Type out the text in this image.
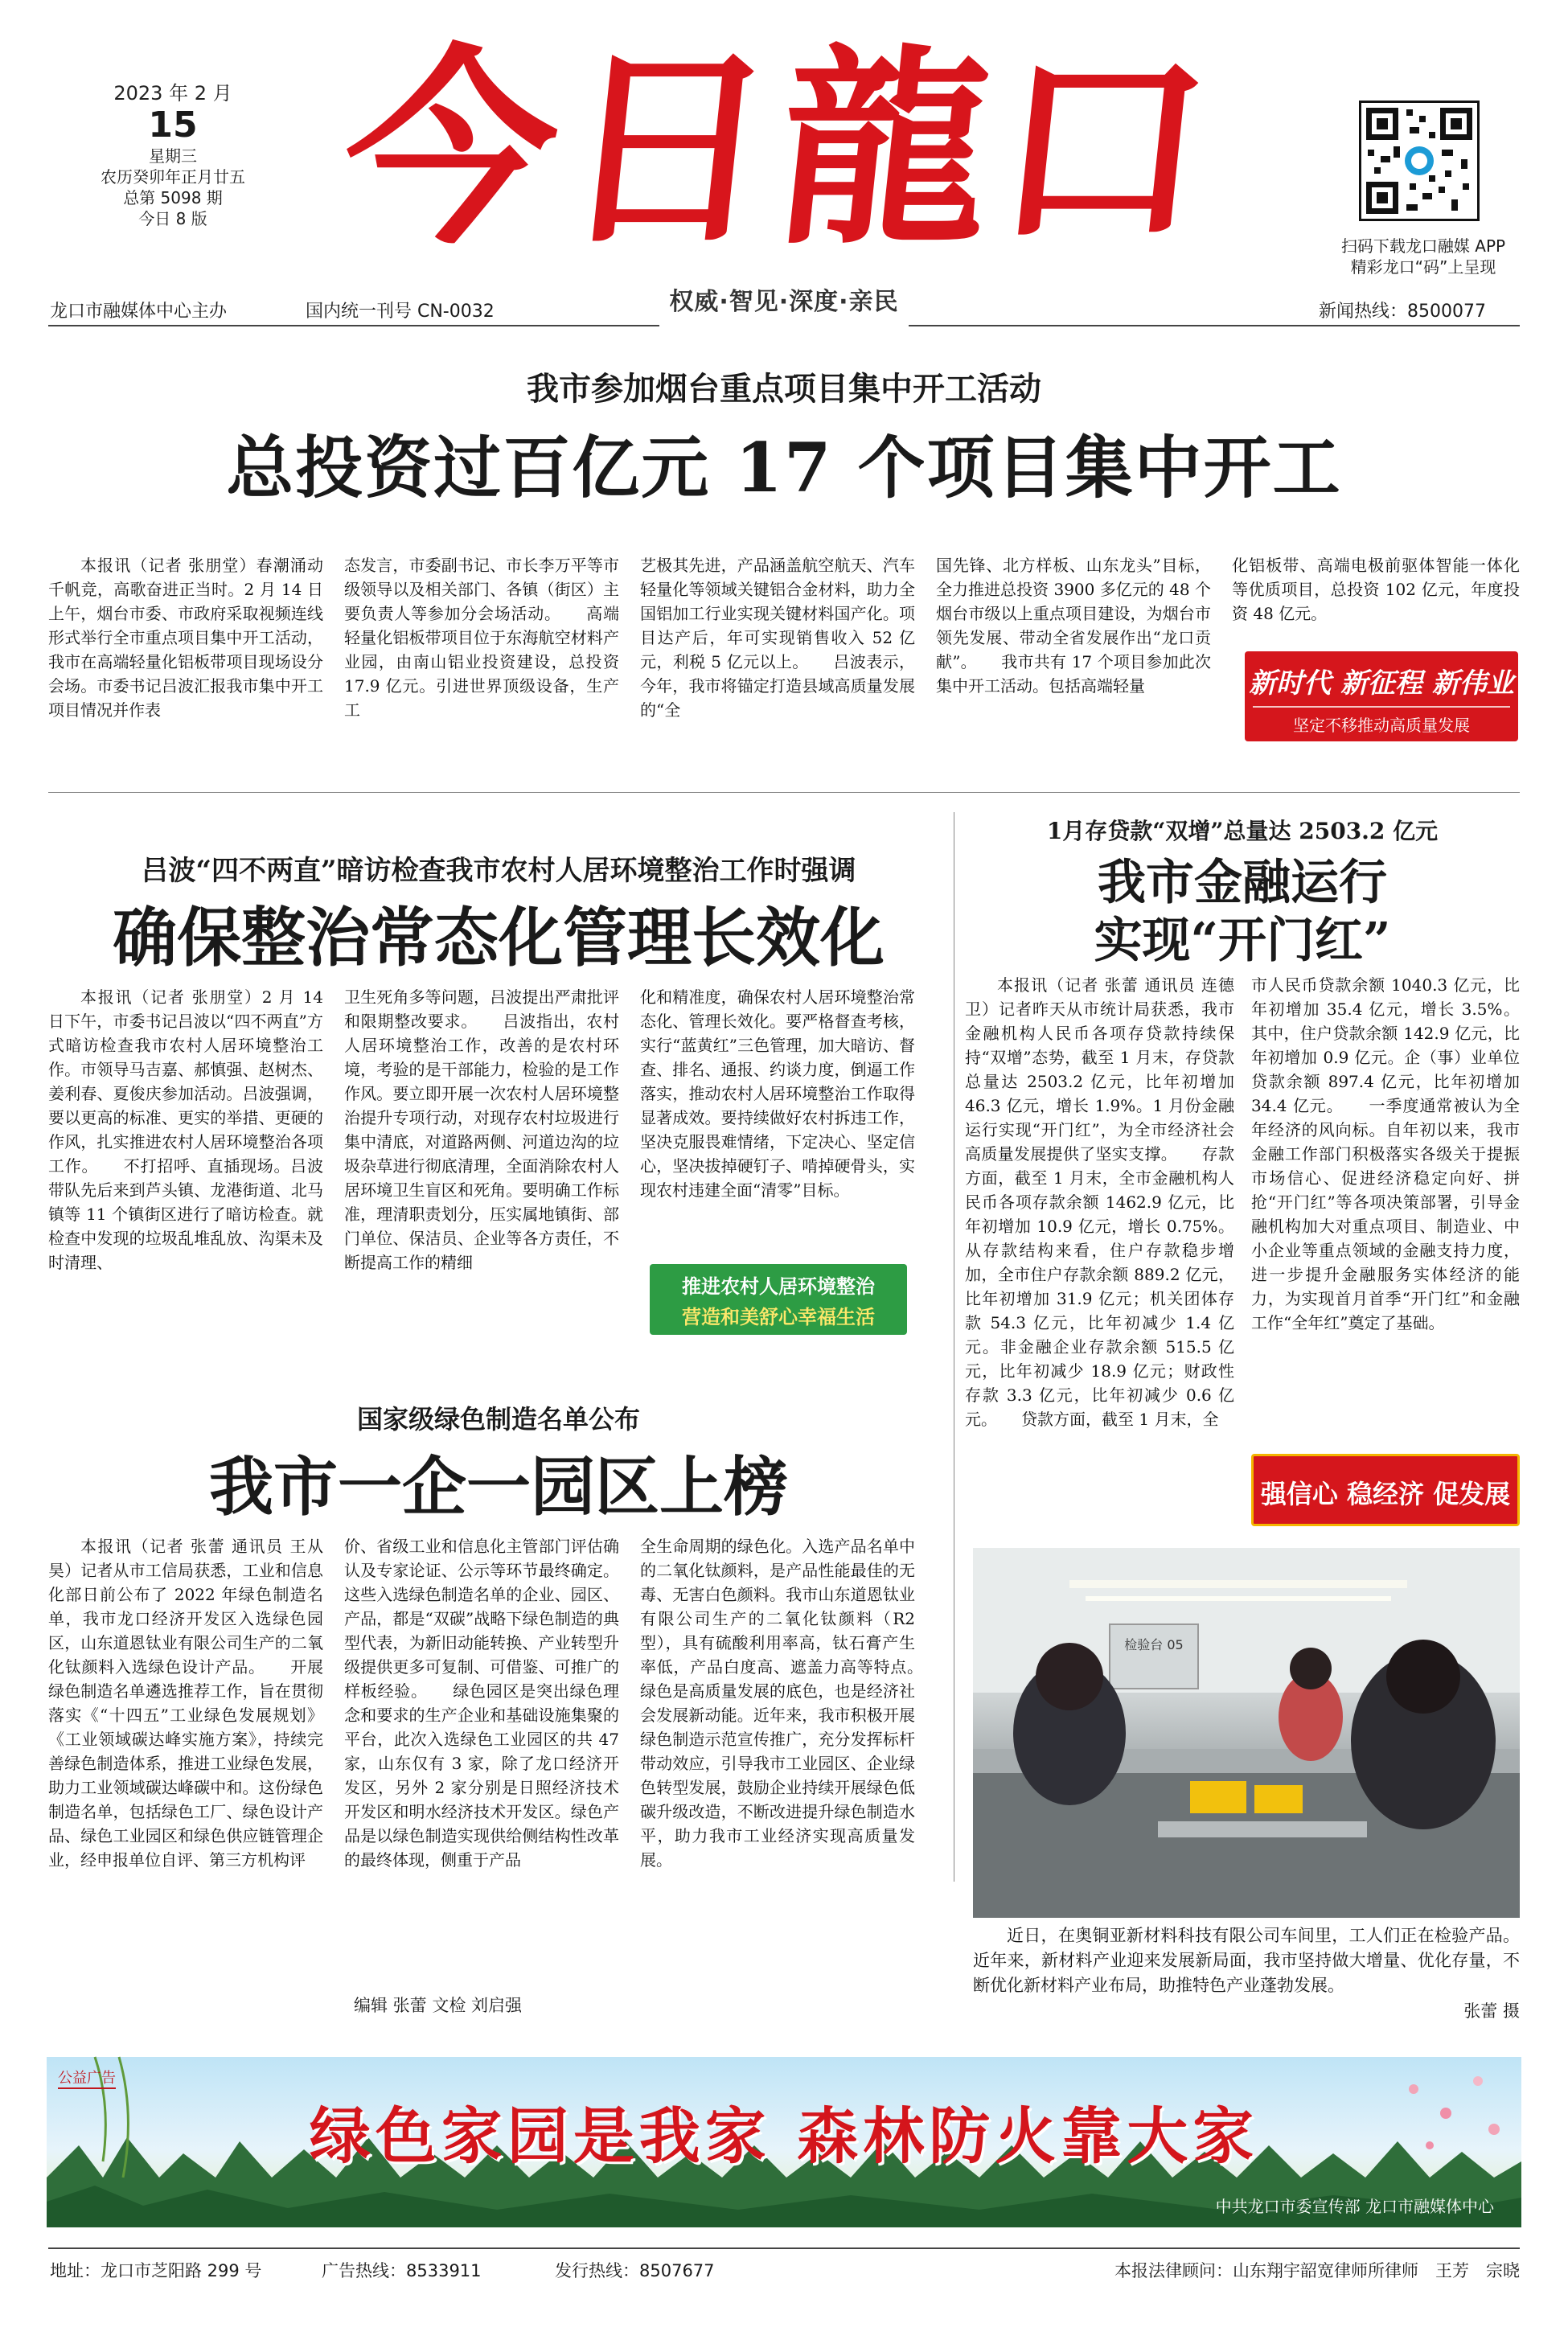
2023 年 2 月
15
星期三
农历癸卯年正月廿五
总第 5098 期
今日 8 版 今日龍口	扫码下载龙口融媒 APP
精彩龙口“码”上呈现
龙口市融媒体中心主办	国内统一刊号 CN-0032	权威·智见·深度·亲民	新闻热线：8500077
我市参加烟台重点项目集中开工活动
总投资过百亿元 17 个项目集中开工

本报讯（记者 张朋堂）春潮涌动千帆竞，高歌奋进正当时。2 月 14 日上午，烟台市委、市政府采取视频连线形式举行全市重点项目集中开工活动，我市在高端轻量化铝板带项目现场设分会场。市委书记吕波汇报我市集中开工项目情况并作表

态发言，市委副书记、市长李万平等市级领导以及相关部门、各镇（街区）主要负责人等参加分会场活动。　　高端轻量化铝板带项目位于东海航空材料产业园，由南山铝业投资建设，总投资 17.9 亿元。引进世界顶级设备，生产工

艺极其先进，产品涵盖航空航天、汽车轻量化等领域关键铝合金材料，助力全国铝加工行业实现关键材料国产化。项目达产后，年可实现销售收入 52 亿元，利税 5 亿元以上。　　吕波表示，今年，我市将锚定打造县域高质量发展的“全

国先锋、北方样板、山东龙头”目标，全力推进总投资 3900 多亿元的 48 个烟台市级以上重点项目建设，为烟台市领先发展、带动全省发展作出“龙口贡献”。　　我市共有 17 个项目参加此次集中开工活动。包括高端轻量

化铝板带、高端电极前驱体智能一体化等优质项目，总投资 102 亿元，年度投资 48 亿元。

新时代 新征程 新伟业
坚定不移推动高质量发展
吕波“四不两直”暗访检查我市农村人居环境整治工作时强调
确保整治常态化管理长效化

本报讯（记者 张朋堂）2 月 14 日下午，市委书记吕波以“四不两直”方式暗访检查我市农村人居环境整治工作。市领导马吉嘉、郝慎强、赵树杰、姜利春、夏俊庆参加活动。吕波强调，要以更高的标准、更实的举措、更硬的作风，扎实推进农村人居环境整治各项工作。　　不打招呼、直插现场。吕波带队先后来到芦头镇、龙港街道、北马镇等 11 个镇街区进行了暗访检查。就检查中发现的垃圾乱堆乱放、沟渠未及时清理、

卫生死角多等问题，吕波提出严肃批评和限期整改要求。　　吕波指出，农村人居环境整治工作，改善的是农村环境，考验的是干部能力，检验的是工作作风。要立即开展一次农村人居环境整治提升专项行动，对现存农村垃圾进行集中清底，对道路两侧、河道边沟的垃圾杂草进行彻底清理，全面消除农村人居环境卫生盲区和死角。要明确工作标准，理清职责划分，压实属地镇街、部门单位、保洁员、企业等各方责任，不断提高工作的精细

化和精准度，确保农村人居环境整治常态化、管理长效化。要严格督查考核，实行“蓝黄红”三色管理，加大暗访、督查、排名、通报、约谈力度，倒逼工作落实，推动农村人居环境整治工作取得显著成效。要持续做好农村拆违工作，坚决克服畏难情绪，下定决心、坚定信心，坚决拔掉硬钉子、啃掉硬骨头，实现农村违建全面“清零”目标。

推进农村人居环境整治
营造和美舒心幸福生活
国家级绿色制造名单公布
我市一企一园区上榜

本报讯（记者 张蕾 通讯员 王从昊）记者从市工信局获悉，工业和信息化部日前公布了 2022 年绿色制造名单，我市龙口经济开发区入选绿色园区，山东道恩钛业有限公司生产的二氧化钛颜料入选绿色设计产品。　　开展绿色制造名单遴选推荐工作，旨在贯彻落实《“十四五”工业绿色发展规划》《工业领域碳达峰实施方案》，持续完善绿色制造体系，推进工业绿色发展，助力工业领域碳达峰碳中和。这份绿色制造名单，包括绿色工厂、绿色设计产品、绿色工业园区和绿色供应链管理企业，经申报单位自评、第三方机构评

价、省级工业和信息化主管部门评估确认及专家论证、公示等环节最终确定。这些入选绿色制造名单的企业、园区、产品，都是“双碳”战略下绿色制造的典型代表，为新旧动能转换、产业转型升级提供更多可复制、可借鉴、可推广的样板经验。　　绿色园区是突出绿色理念和要求的生产企业和基础设施集聚的平台，此次入选绿色工业园区的共 47 家，山东仅有 3 家，除了龙口经济开发区，另外 2 家分别是日照经济技术开发区和明水经济技术开发区。绿色产品是以绿色制造实现供给侧结构性改革的最终体现，侧重于产品

全生命周期的绿色化。入选产品名单中的二氧化钛颜料，是产品性能最佳的无毒、无害白色颜料。我市山东道恩钛业有限公司生产的二氧化钛颜料（R2 型），具有硫酸利用率高，钛石膏产生率低，产品白度高、遮盖力高等特点。　　绿色是高质量发展的底色，也是经济社会发展新动能。近年来，我市积极开展绿色制造示范宣传推广，充分发挥标杆带动效应，引导我市工业园区、企业绿色转型发展，鼓励企业持续开展绿色低碳升级改造，不断改进提升绿色制造水平，助力我市工业经济实现高质量发展。

编辑 张蕾 文检 刘启强
1月存贷款“双增”总量达 2503.2 亿元
我市金融运行
实现“开门红”

本报讯（记者 张蕾 通讯员 连德卫）记者昨天从市统计局获悉，我市金融机构人民币各项存贷款持续保持“双增”态势，截至 1 月末，存贷款总量达 2503.2 亿元，比年初增加 46.3 亿元，增长 1.9%。1 月份金融运行实现“开门红”，为全市经济社会高质量发展提供了坚实支撑。　　存款方面，截至 1 月末，全市金融机构人民币各项存款余额 1462.9 亿元，比年初增加 10.9 亿元，增长 0.75%。从存款结构来看，住户存款稳步增加，全市住户存款余额 889.2 亿元，比年初增加 31.9 亿元；机关团体存款 54.3 亿元，比年初减少 1.4 亿元。非金融企业存款余额 515.5 亿元，比年初减少 18.9 亿元；财政性存款 3.3 亿元，比年初减少 0.6 亿元。　　贷款方面，截至 1 月末，全

市人民币贷款余额 1040.3 亿元，比年初增加 35.4 亿元，增长 3.5%。其中，住户贷款余额 142.9 亿元，比年初增加 0.9 亿元。企（事）业单位贷款余额 897.4 亿元，比年初增加 34.4 亿元。　　一季度通常被认为全年经济的风向标。自年初以来，我市金融工作部门积极落实各级关于提振市场信心、促进经济稳定向好、拼抢“开门红”等各项决策部署，引导金融机构加大对重点项目、制造业、中小企业等重点领域的金融支持力度，进一步提升金融服务实体经济的能力，为实现首月首季“开门红”和金融工作“全年红”奠定了基础。

强信心 稳经济 促发展
检验台 05

近日，在奥铜亚新材料科技有限公司车间里，工人们正在检验产品。近年来，新材料产业迎来发展新局面，我市坚持做大增量、优化存量，不断优化新材料产业布局，助推特色产业蓬勃发展。

张蕾 摄
公益广告
绿色家园是我家 森林防火靠大家
中共龙口市委宣传部 龙口市融媒体中心
地址：龙口市芝阳路 299 号	广告热线：8533911	发行热线：8507677	本报法律顾问：山东翔宇韶宽律师所律师　王芳　宗晓
